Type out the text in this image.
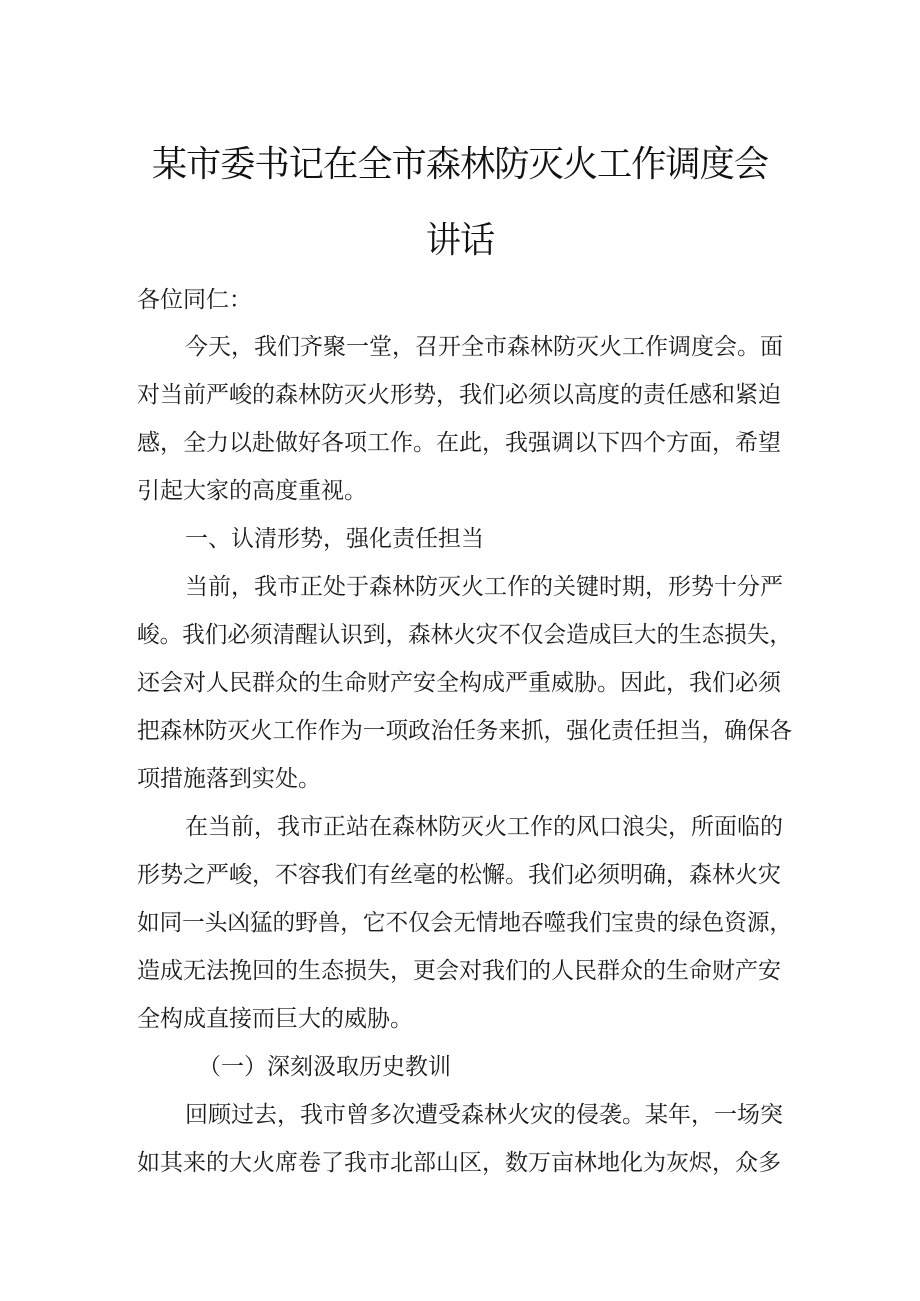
某市委书记在全市森林防灭火工作调度会
讲话
各位同仁：
今天，我们齐聚一堂，召开全市森林防灭火工作调度会。面
对当前严峻的森林防灭火形势，我们必须以高度的责任感和紧迫
感，全力以赴做好各项工作。在此，我强调以下四个方面，希望
引起大家的高度重视。
一、认清形势，强化责任担当
当前，我市正处于森林防灭火工作的关键时期，形势十分严
峻。我们必须清醒认识到，森林火灾不仅会造成巨大的生态损失，
还会对人民群众的生命财产安全构成严重威胁。因此，我们必须
把森林防灭火工作作为一项政治任务来抓，强化责任担当，确保各
项措施落到实处。
在当前，我市正站在森林防灭火工作的风口浪尖，所面临的
形势之严峻，不容我们有丝毫的松懈。我们必须明确，森林火灾
如同一头凶猛的野兽，它不仅会无情地吞噬我们宝贵的绿色资源，
造成无法挽回的生态损失，更会对我们的人民群众的生命财产安
全构成直接而巨大的威胁。
（一）深刻汲取历史教训
回顾过去，我市曾多次遭受森林火灾的侵袭。某年，一场突
如其来的大火席卷了我市北部山区，数万亩林地化为灰烬，众多
